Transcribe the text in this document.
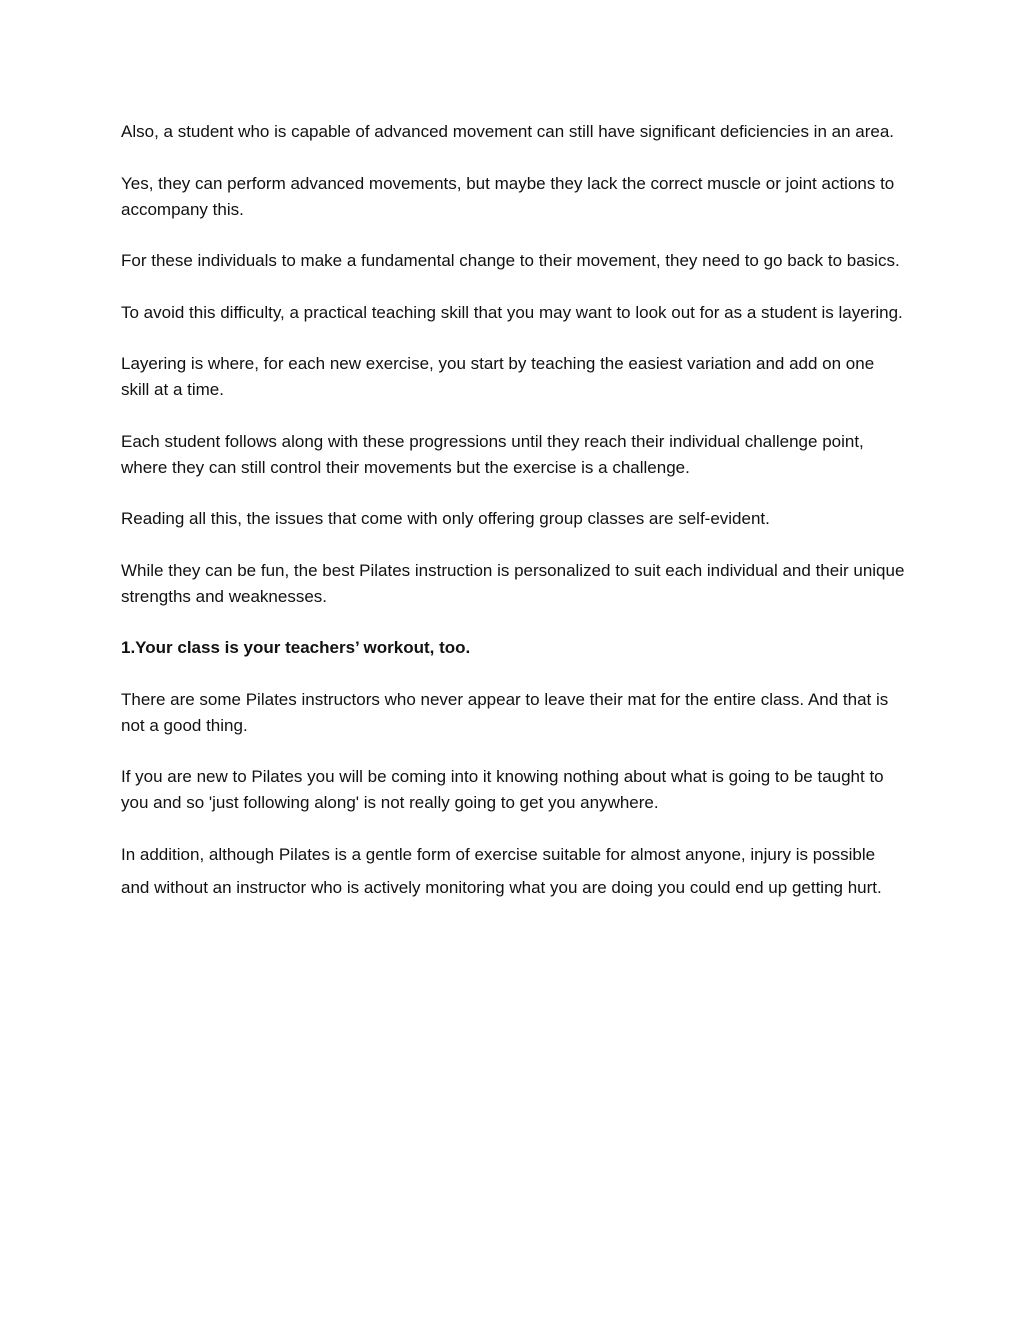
Also, a student who is capable of advanced movement can still have significant deficiencies in an area.

Yes, they can perform advanced movements, but maybe they lack the correct muscle or joint actions to accompany this.

For these individuals to make a fundamental change to their movement, they need to go back to basics.

To avoid this difficulty, a practical teaching skill that you may want to look out for as a student is layering.

Layering is where, for each new exercise, you start by teaching the easiest variation and add on one skill at a time.

Each student follows along with these progressions until they reach their individual challenge point, where they can still control their movements but the exercise is a challenge.

Reading all this, the issues that come with only offering group classes are self-evident.

While they can be fun, the best Pilates instruction is personalized to suit each individual and their unique strengths and weaknesses.

1.Your class is your teachers’ workout, too.

There are some Pilates instructors who never appear to leave their mat for the entire class. And that is not a good thing.

If you are new to Pilates you will be coming into it knowing nothing about what is going to be taught to you and so 'just following along' is not really going to get you anywhere.

In addition, although Pilates is a gentle form of exercise suitable for almost anyone, injury is possible and without an instructor who is actively monitoring what you are doing you could end up getting hurt.
